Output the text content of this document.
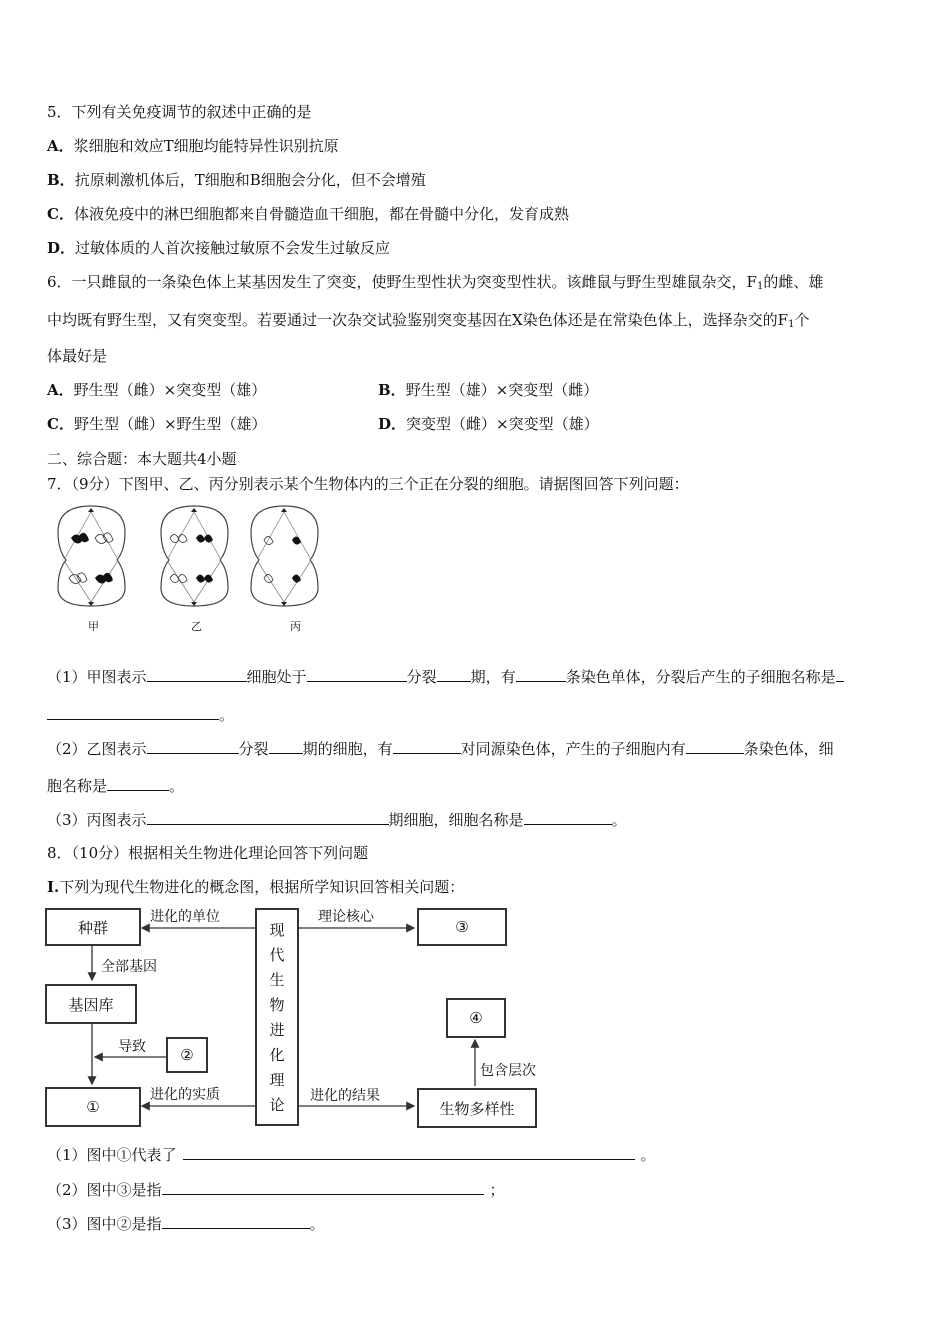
5．下列有关免疫调节的叙述中正确的是
A．浆细胞和效应T细胞均能特异性识别抗原
B．抗原刺激机体后，T细胞和B细胞会分化，但不会增殖
C．体液免疫中的淋巴细胞都来自骨髓造血干细胞，都在骨髓中分化，发育成熟
D．过敏体质的人首次接触过敏原不会发生过敏反应
6．一只雌鼠的一条染色体上某基因发生了突变，使野生型性状为突变型性状。该雌鼠与野生型雄鼠杂交，$F_1$的雌、雄
中均既有野生型，又有突变型。若要通过一次杂交试验鉴别突变基因在X染色体还是在常染色体上，选择杂交的$F_1$个
体最好是
A．野生型（雌）×突变型（雄）	B．野生型（雄）×突变型（雌）
C．野生型（雌）×野生型（雄）	D．突变型（雌）×突变型（雄）
二、综合题：本大题共4小题
7．（9分）下图甲、乙、丙分别表示某个生物体内的三个正在分裂的细胞。请据图回答下列问题：
甲	乙	丙
（1）甲图表示	细胞处于	分裂 期，有	条染色单体，分裂后产生的子细胞名称是
。
（2）乙图表示	分裂 期的细胞，有	对同源染色体，产生的子细胞内有	条染色体，细
胞名称是	。
（3）丙图表示	期细胞，细胞名称是	。
8．（10分）根据相关生物进化理论回答下列问题
I.下列为现代生物进化的概念图，根据所学知识回答相关问题：
种群
基因库
②
①
现
代
生
物
进
化
理
论
③
④
生物多样性
进化的单位
全部基因
导致
进化的实质
理论核心
进化的结果
包含层次
（1）图中①代表了	。
（2）图中③是指	；
（3）图中②是指	。
